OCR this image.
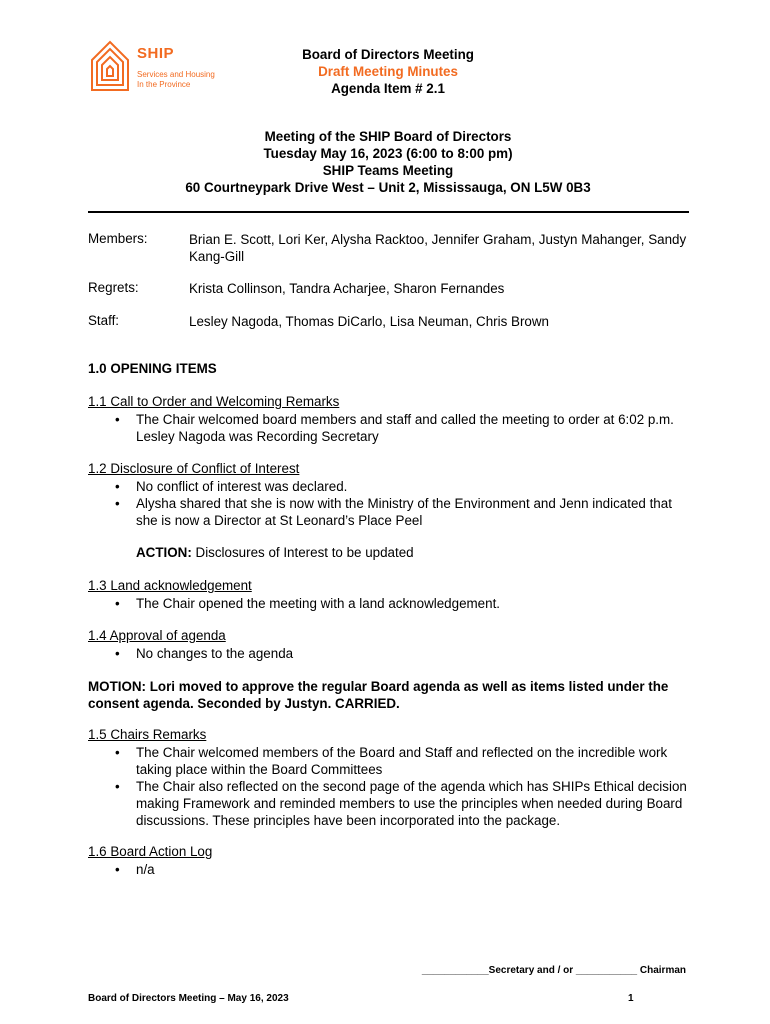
SHIP
Services and Housing
In the Province
Board of Directors Meeting
Draft Meeting Minutes
Agenda Item # 2.1
Meeting of the SHIP Board of Directors
Tuesday May 16, 2023 (6:00 to 8:00 pm)
SHIP Teams Meeting
60 Courtneypark Drive West – Unit 2, Mississauga, ON L5W 0B3
Members:	Brian E. Scott, Lori Ker, Alysha Racktoo, Jennifer Graham, Justyn Mahanger, Sandy Kang-Gill
Regrets:	Krista Collinson, Tandra Acharjee, Sharon Fernandes
Staff:	Lesley Nagoda, Thomas DiCarlo, Lisa Neuman, Chris Brown
1.0 OPENING ITEMS
1.1 Call to Order and Welcoming Remarks
• The Chair welcomed board members and staff and called the meeting to order at 6:02 p.m. Lesley Nagoda was Recording Secretary
1.2 Disclosure of Conflict of Interest
• No conflict of interest was declared.
• Alysha shared that she is now with the Ministry of the Environment and Jenn indicated that she is now a Director at St Leonard’s Place Peel
ACTION: Disclosures of Interest to be updated
1.3 Land acknowledgement
• The Chair opened the meeting with a land acknowledgement.
1.4 Approval of agenda
• No changes to the agenda
MOTION: Lori moved to approve the regular Board agenda as well as items listed under the consent agenda. Seconded by Justyn. CARRIED.
1.5 Chairs Remarks
• The Chair welcomed members of the Board and Staff and reflected on the incredible work taking place within the Board Committees
• The Chair also reflected on the second page of the agenda which has SHIPs Ethical decision making Framework and reminded members to use the principles when needed during Board discussions. These principles have been incorporated into the package.
1.6 Board Action Log
• n/a
____________Secretary and / or ___________ Chairman
Board of Directors Meeting – May 16, 2023	1
